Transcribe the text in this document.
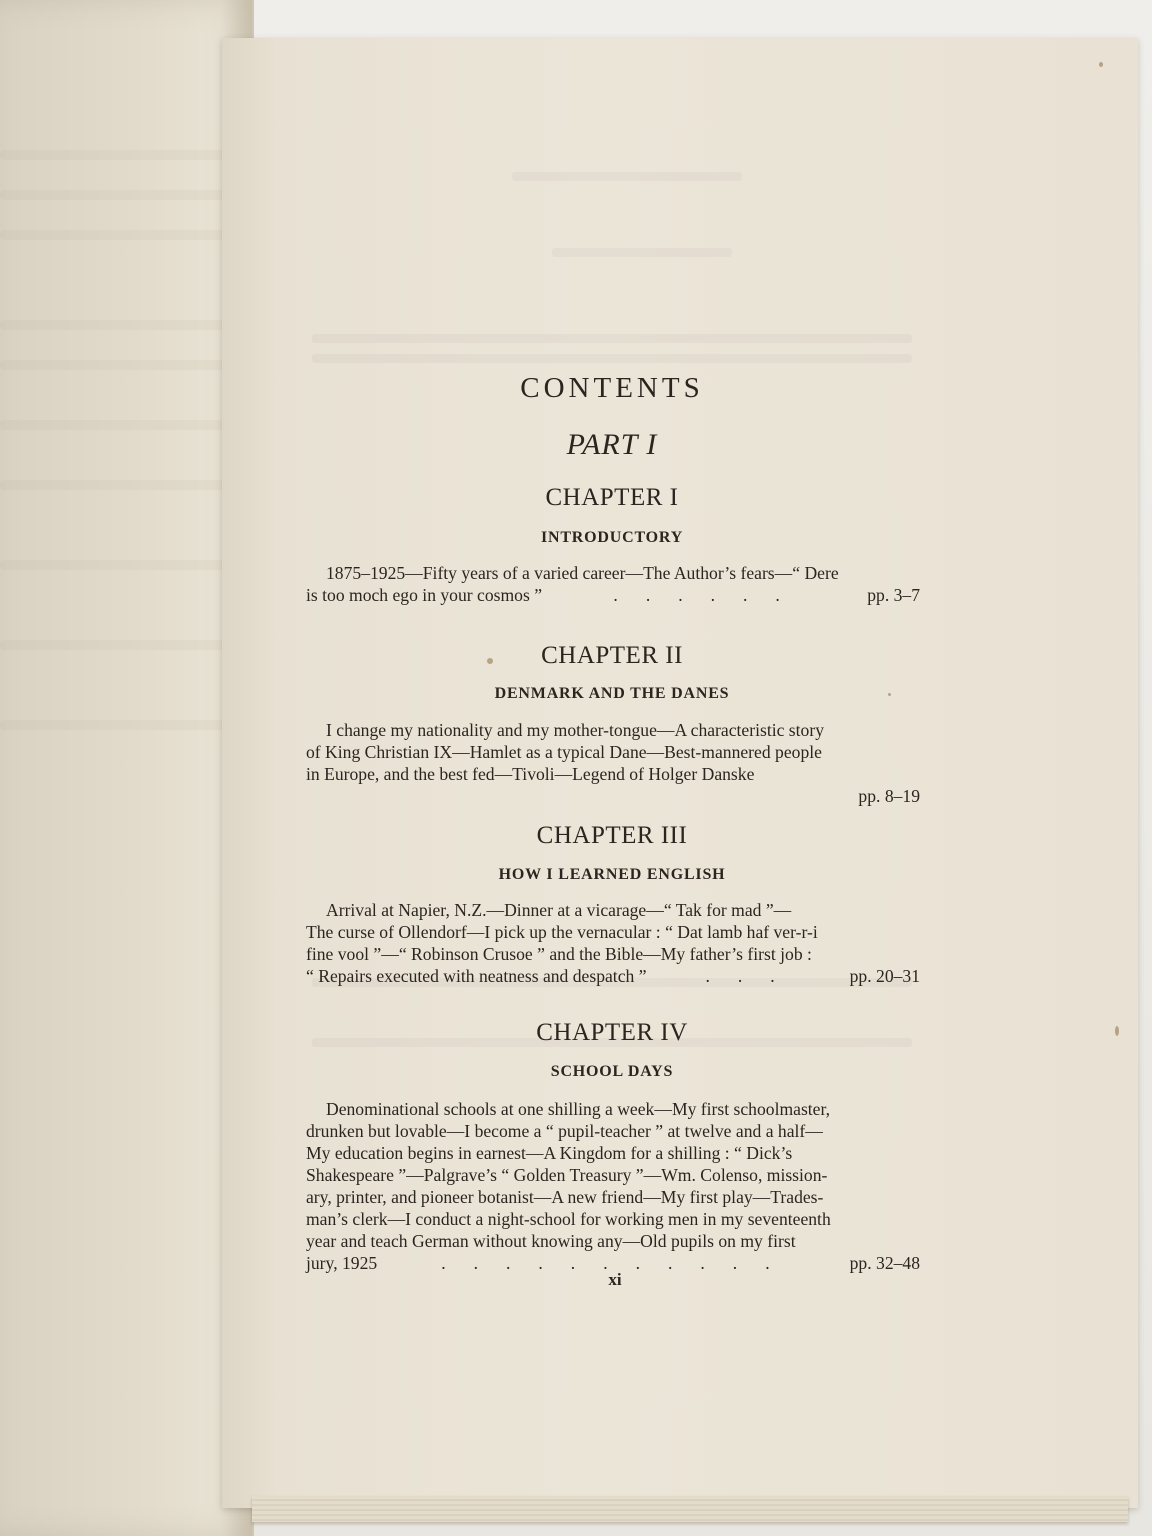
CONTENTS
PART I
CHAPTER I
INTRODUCTORY
1875–1925—Fifty years of a varied career—The Author’s fears—“ Dere
is too moch ego in your cosmos ”	......	pp. 3–7
CHAPTER II
DENMARK AND THE DANES
I change my nationality and my mother-tongue—A characteristic story
of King Christian IX—Hamlet as a typical Dane—Best-mannered people
in Europe, and the best fed—Tivoli—Legend of Holger Danske
pp. 8–19
CHAPTER III
HOW I LEARNED ENGLISH
Arrival at Napier, N.Z.—Dinner at a vicarage—“ Tak for mad ”—
The curse of Ollendorf—I pick up the vernacular : “ Dat lamb haf ver-r-i
fine vool ”—“ Robinson Crusoe ” and the Bible—My father’s first job :
“ Repairs executed with neatness and despatch ”	...	pp. 20–31
CHAPTER IV
SCHOOL DAYS
Denominational schools at one shilling a week—My first schoolmaster,
drunken but lovable—I become a “ pupil-teacher ” at twelve and a half—
My education begins in earnest—A Kingdom for a shilling : “ Dick’s
Shakespeare ”—Palgrave’s “ Golden Treasury ”—Wm. Colenso, mission-
ary, printer, and pioneer botanist—A new friend—My first play—Trades-
man’s clerk—I conduct a night-school for working men in my seventeenth
year and teach German without knowing any—Old pupils on my first
jury, 1925	...........	pp. 32–48
xi
